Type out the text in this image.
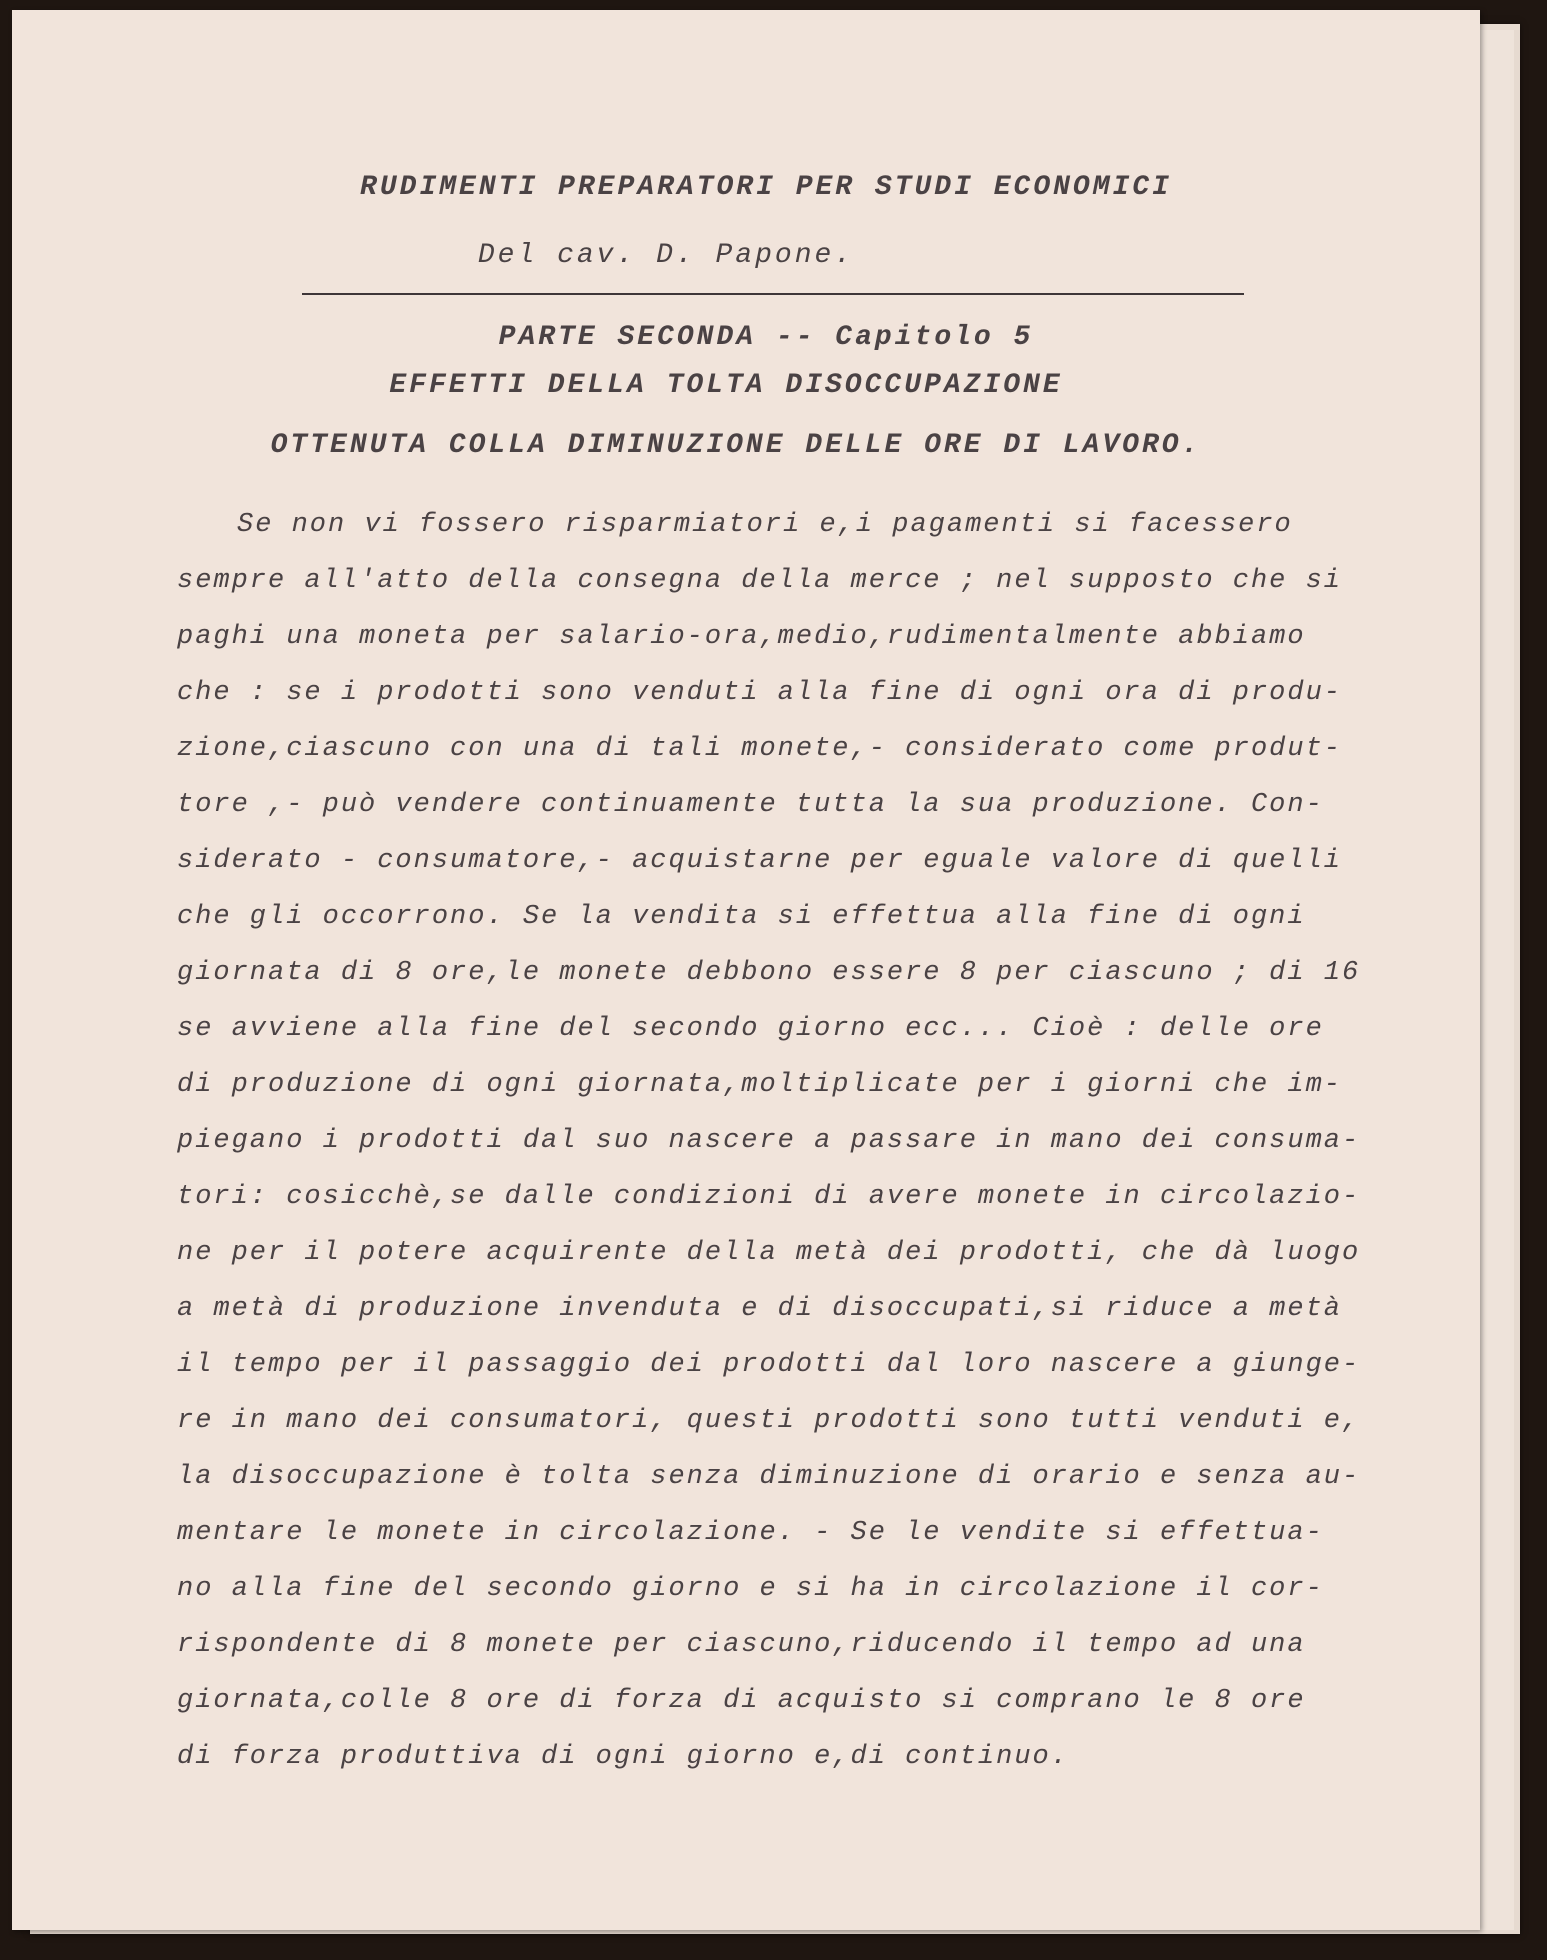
RUDIMENTI PREPARATORI PER STUDI ECONOMICI
Del cav. D. Papone.
PARTE SECONDA -- Capitolo 5
EFFETTI DELLA TOLTA DISOCCUPAZIONE
OTTENUTA COLLA DIMINUZIONE DELLE ORE DI LAVORO.
Se non vi fossero risparmiatori e,i pagamenti si facessero
sempre all'atto della consegna della merce ; nel supposto che si
paghi una moneta per salario-ora,medio,rudimentalmente abbiamo
che : se i prodotti sono venduti alla fine di ogni ora di produ-
zione,ciascuno con una di tali monete,- considerato come produt-
tore ,- può vendere continuamente tutta la sua produzione. Con-
siderato - consumatore,- acquistarne per eguale valore di quelli
che gli occorrono. Se la vendita si effettua alla fine di ogni
giornata di 8 ore,le monete debbono essere 8 per ciascuno ; di 16
se avviene alla fine del secondo giorno ecc... Cioè : delle ore
di produzione di ogni giornata,moltiplicate per i giorni che im-
piegano i prodotti dal suo nascere a passare in mano dei consuma-
tori: cosicchè,se dalle condizioni di avere monete in circolazio-
ne per il potere acquirente della metà dei prodotti, che dà luogo
a metà di produzione invenduta e di disoccupati,si riduce a metà
il tempo per il passaggio dei prodotti dal loro nascere a giunge-
re in mano dei consumatori, questi prodotti sono tutti venduti e,
la disoccupazione è tolta senza diminuzione di orario e senza au-
mentare le monete in circolazione. - Se le vendite si effettua-
no alla fine del secondo giorno e si ha in circolazione il cor-
rispondente di 8 monete per ciascuno,riducendo il tempo ad una
giornata,colle 8 ore di forza di acquisto si comprano le 8 ore
di forza produttiva di ogni giorno e,di continuo.
